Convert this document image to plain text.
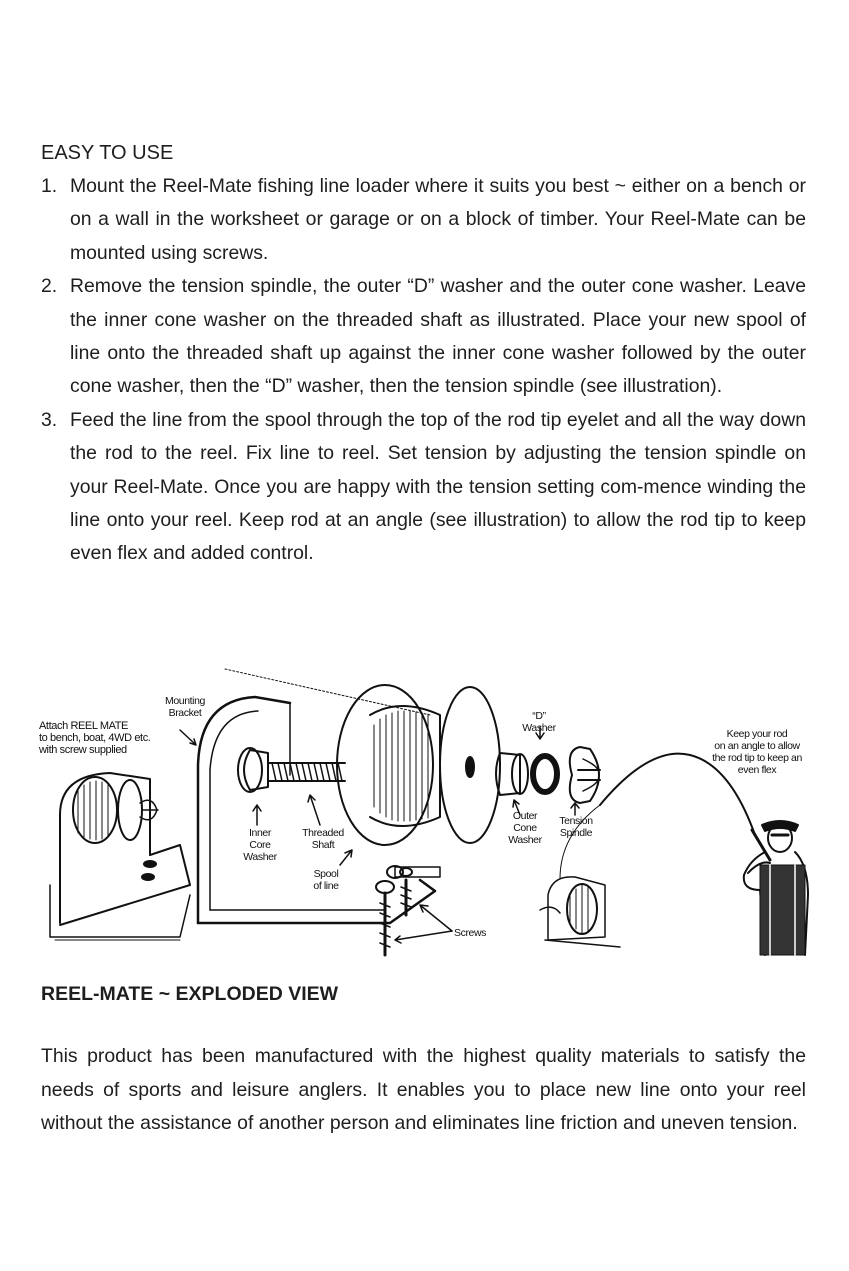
EASY TO USE
1. Mount the Reel-Mate fishing line loader where it suits you best ~ either on a bench or on a wall in the worksheet or garage or on a block of timber. Your Reel-Mate can be mounted using screws.
2. Remove the tension spindle, the outer “D” washer and the outer cone washer. Leave the inner cone washer on the threaded shaft as illustrated. Place your new spool of line onto the threaded shaft up against the inner cone washer followed by the outer cone washer, then the “D” washer, then the tension spindle (see illustration).
3. Feed the line from the spool through the top of the rod tip eyelet and all the way down the rod to the reel. Fix line to reel. Set tension by adjusting the tension spindle on your Reel-Mate. Once you are happy with the tension setting com-mence winding the line onto your reel. Keep rod at an angle (see illustration) to allow the rod tip to keep even flex and added control.
Attach REEL MATE
to bench, boat, 4WD etc.
with screw supplied
Mounting
Bracket
Inner
Core
Washer
Threaded
Shaft
Spool
of line
Screws
“D”
Washer
Outer
Cone
Washer
Tension
Spindle
Keep your rod
on an angle to allow
the rod tip to keep an
even flex
REEL-MATE ~ EXPLODED VIEW

This product has been manufactured with the highest quality materials to satisfy the needs of sports and leisure anglers. It enables you to place new line onto your reel without the assistance of another person and eliminates line friction and uneven tension.
